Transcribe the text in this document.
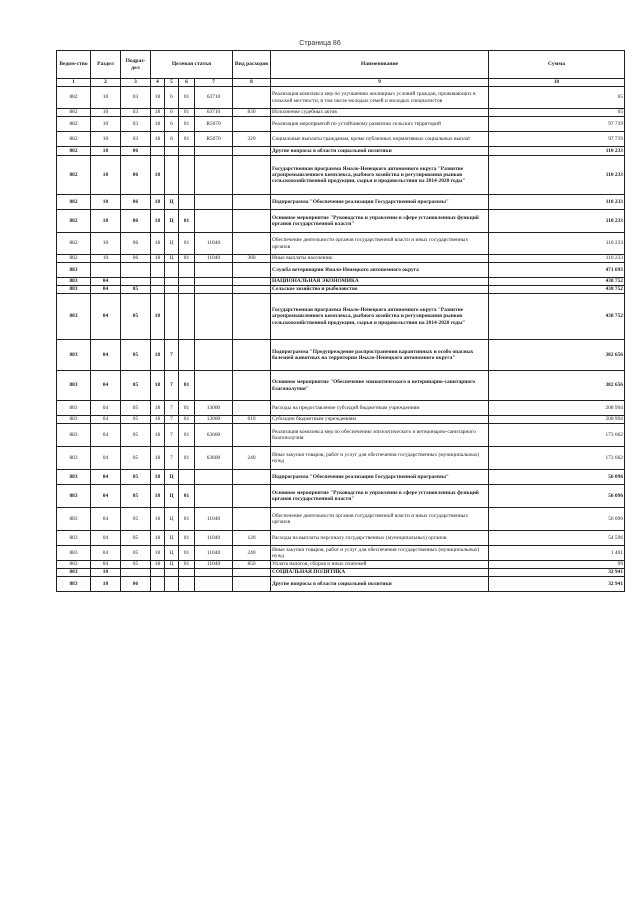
Страница 86
Ведом-ство	Раздел	Подраз-дел	Целевая статья				Вид расходов	Наименование	Сумма
1	2	3	4	5	6	7	8	9	10
882	10	03	18	6	01	63710		Реализация комплекса мер по улучшению жилищных условий граждан, проживающих в сельской местности, в том числе молодых семей и молодых специалистов	65
882	10	03	18	6	01	63710	830	Исполнение судебных актов	65
882	10	03	18	6	01	R5670		Реализация мероприятий по устойчивому развитию сельских территорий	97 739
882	10	03	18	6	01	R5670	320	Социальные выплаты гражданам, кроме публичных нормативных социальных выплат	97 739
882	10	06						Другие вопросы в области социальной политики	110 233
882	10	06	18					Государственная программа Ямало-Ненецкого автономного округа "Развитие агропромышленного комплекса, рыбного хозяйства и регулирования рынков сельскохозяйственной продукции, сырья и продовольствия на 2014-2020 годы"	110 233
882	10	06	18	Ц				Подпрограмма "Обеспечение реализации Государственной программы"	110 233
882	10	06	18	Ц	01			Основное мероприятие "Руководство и управление в сфере установленных функций органов государственной власти"	110 233
882	10	06	18	Ц	01	11040		Обеспечение деятельности органов государственной власти и иных государственных органов	110 233
882	10	06	18	Ц	01	11040	360	Иные выплаты населению	110 233
883								Служба ветеринарии Ямало-Ненецкого автономного округа	471 693
883	04							НАЦИОНАЛЬНАЯ ЭКОНОМИКА	438 752
883	04	05						Сельское хозяйство и рыболовство	438 752
883	04	05	18					Государственная программа Ямало-Ненецкого автономного округа "Развитие агропромышленного комплекса, рыбного хозяйства и регулирования рынков сельскохозяйственной продукции, сырья и продовольствия на 2014-2020 годы"	438 752
883	04	05	18	7				Подпрограмма "Предупреждение распространения карантинных и особо опасных болезней животных на территории Ямало-Ненецкого автономного округа"	382 656
883	04	05	18	7	01			Основное мероприятие "Обеспечение эпизоотического и ветеринарно-санитарного благополучия"	382 656
883	04	05	18	7	01	13000		Расходы на предоставление субсидий бюджетным учреждениям	208 994
883	04	05	18	7	01	13000	610	Субсидии бюджетным учреждениям	208 994
883	04	05	18	7	01	63600		Реализация комплекса мер по обеспечению эпизоотического и ветеринарно-санитарного благополучия	173 662
883	04	05	18	7	01	63600	240	Иные закупки товаров, работ и услуг для обеспечения государственных (муниципальных) нужд	173 662
883	04	05	18	Ц				Подпрограмма "Обеспечение реализации Государственной программы"	56 096
883	04	05	18	Ц	01			Основное мероприятие "Руководство и управление в сфере установленных функций органов государственной власти"	56 096
883	04	05	18	Ц	01	11040		Обеспечение деятельности органов государственной власти и иных государственных органов	56 096
883	04	05	18	Ц	01	11040	120	Расходы на выплаты персоналу государственных (муниципальных) органов	54 596
883	04	05	18	Ц	01	11040	240	Иные закупки товаров, работ и услуг для обеспечения государственных (муниципальных) нужд	1 401
883	04	05	18	Ц	01	11040	850	Уплата налогов, сборов и иных платежей	99
883	10							СОЦИАЛЬНАЯ ПОЛИТИКА	32 941
883	10	06						Другие вопросы в области социальной политики	32 941
